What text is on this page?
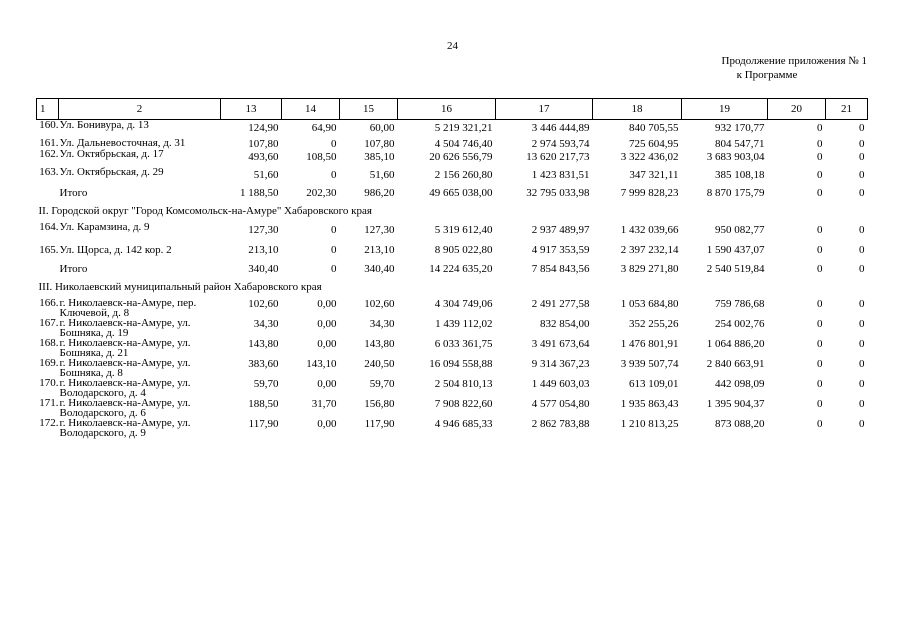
24
Продолжение приложения № 1
к Программе
1	2	13	14	15	16	17	18	19	20	21
160.	Ул. Бонивура, д. 13	124,90	64,90	60,00	5 219 321,21	3 446 444,89	840 705,55	932 170,77	0	0
161.	Ул. Дальневосточная, д. 31	107,80	0	107,80	4 504 746,40	2 974 593,74	725 604,95	804 547,71	0	0
162.	Ул. Октябрьская, д. 17	493,60	108,50	385,10	20 626 556,79	13 620 217,73	3 322 436,02	3 683 903,04	0	0
163.	Ул. Октябрьская, д. 29	51,60	0	51,60	2 156 260,80	1 423 831,51	347 321,11	385 108,18	0	0
	Итого	1 188,50	202,30	986,20	49 665 038,00	32 795 033,98	7 999 828,23	8 870 175,79	0	0
II. Городской округ "Город Комсомольск-на-Амуре" Хабаровского края										
164.	Ул. Карамзина, д. 9	127,30	0	127,30	5 319 612,40	2 937 489,97	1 432 039,66	950 082,77	0	0
165.	Ул. Щорса, д. 142 кор. 2	213,10	0	213,10	8 905 022,80	4 917 353,59	2 397 232,14	1 590 437,07	0	0
	Итого	340,40	0	340,40	14 224 635,20	7 854 843,56	3 829 271,80	2 540 519,84	0	0
III. Николаевский муниципальный район Хабаровского края										
166.	г. Николаевск-на-Амуре, пер. Ключевой, д. 8	102,60	0,00	102,60	4 304 749,06	2 491 277,58	1 053 684,80	759 786,68	0	0
167.	г. Николаевск-на-Амуре, ул. Бошняка, д. 19	34,30	0,00	34,30	1 439 112,02	832 854,00	352 255,26	254 002,76	0	0
168.	г. Николаевск-на-Амуре, ул. Бошняка, д. 21	143,80	0,00	143,80	6 033 361,75	3 491 673,64	1 476 801,91	1 064 886,20	0	0
169.	г. Николаевск-на-Амуре, ул. Бошняка, д. 8	383,60	143,10	240,50	16 094 558,88	9 314 367,23	3 939 507,74	2 840 663,91	0	0
170.	г. Николаевск-на-Амуре, ул. Володарского, д. 4	59,70	0,00	59,70	2 504 810,13	1 449 603,03	613 109,01	442 098,09	0	0
171.	г. Николаевск-на-Амуре, ул. Володарского, д. 6	188,50	31,70	156,80	7 908 822,60	4 577 054,80	1 935 863,43	1 395 904,37	0	0
172.	г. Николаевск-на-Амуре, ул. Володарского, д. 9	117,90	0,00	117,90	4 946 685,33	2 862 783,88	1 210 813,25	873 088,20	0	0
